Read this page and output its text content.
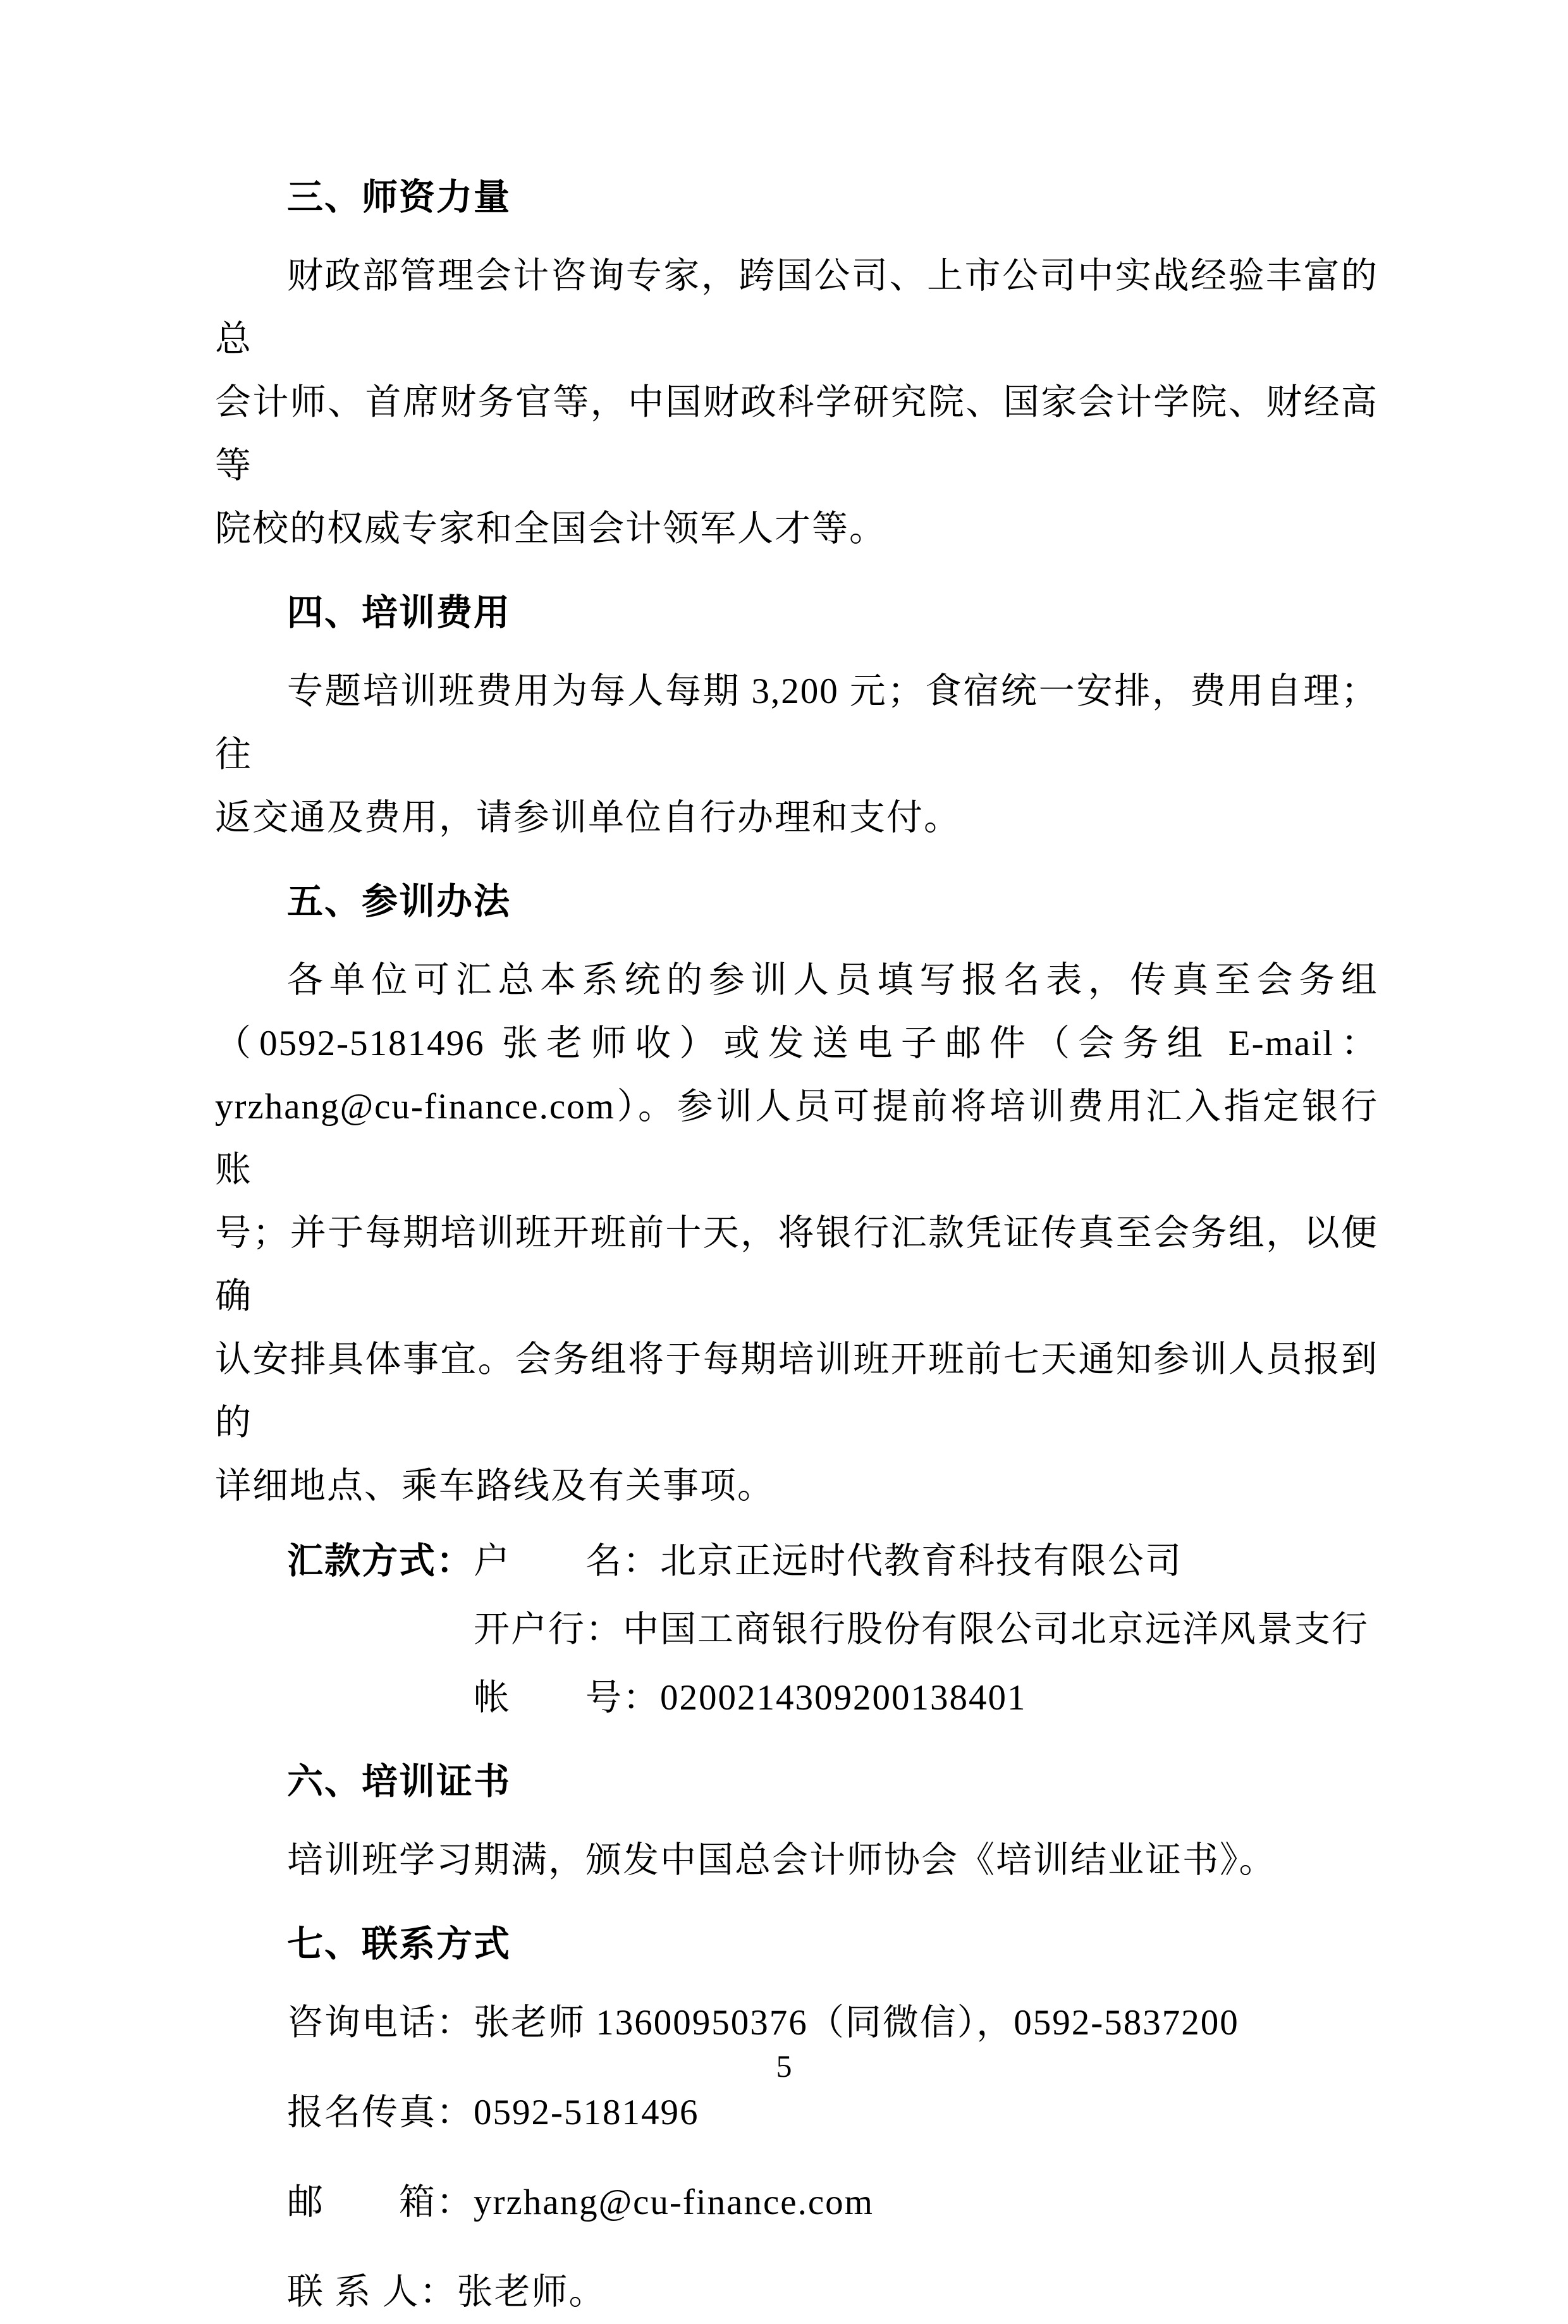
三、师资力量
财政部管理会计咨询专家，跨国公司、上市公司中实战经验丰富的总
会计师、首席财务官等，中国财政科学研究院、国家会计学院、财经高等
院校的权威专家和全国会计领军人才等。
四、培训费用
专题培训班费用为每人每期 3,200 元；食宿统一安排，费用自理；往
返交通及费用，请参训单位自行办理和支付。
五、参训办法
各单位可汇总本系统的参训人员填写报名表，传真至会务组
（0592-5181496 张老师收）或发送电子邮件（会务组 E-mail：
yrzhang@cu-finance.com）。参训人员可提前将培训费用汇入指定银行账
号；并于每期培训班开班前十天，将银行汇款凭证传真至会务组，以便确
认安排具体事宜。会务组将于每期培训班开班前七天通知参训人员报到的
详细地点、乘车路线及有关事项。
汇款方式：户　　名：北京正远时代教育科技有限公司
开户行：中国工商银行股份有限公司北京远洋风景支行
帐　　号：0200214309200138401
六、培训证书
培训班学习期满，颁发中国总会计师协会《培训结业证书》。
七、联系方式
咨询电话：张老师 13600950376（同微信），0592-5837200
报名传真：0592-5181496
邮　　箱：yrzhang@cu-finance.com
联 系 人：张老师。
5
